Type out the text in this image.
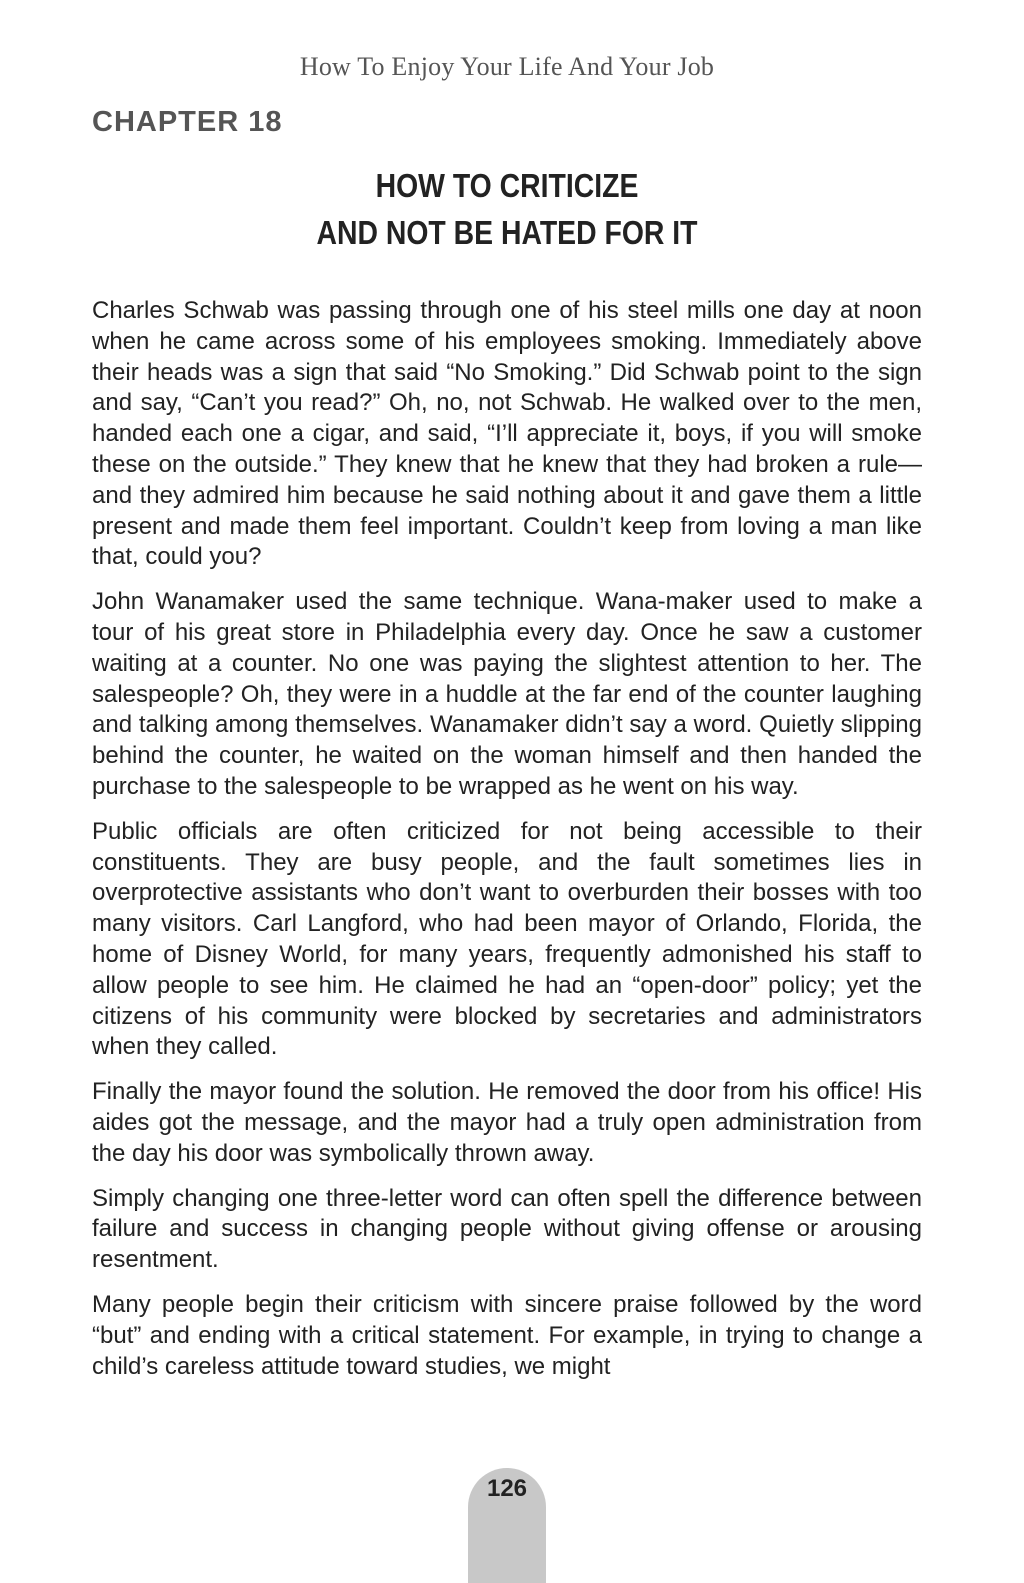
How To Enjoy Your Life And Your Job
CHAPTER 18
HOW TO CRITICIZE
AND NOT BE HATED FOR IT

Charles Schwab was passing through one of his steel mills one day at noon when he came across some of his employees smoking. Immediately above their heads was a sign that said “No Smoking.” Did Schwab point to the sign and say, “Can’t you read?” Oh, no, not Schwab. He walked over to the men, handed each one a cigar, and said, “I’ll appreciate it, boys, if you will smoke these on the outside.” They knew that he knew that they had broken a rule—and they admired him because he said nothing about it and gave them a little present and made them feel important. Couldn’t keep from loving a man like that, could you?

John Wanamaker used the same technique. Wana-maker used to make a tour of his great store in Philadelphia every day. Once he saw a customer waiting at a counter. No one was paying the slightest attention to her. The salespeople? Oh, they were in a huddle at the far end of the counter laughing and talking among themselves. Wanamaker didn’t say a word. Quietly slipping behind the counter, he waited on the woman himself and then handed the purchase to the salespeople to be wrapped as he went on his way.

Public officials are often criticized for not being accessible to their constituents. They are busy people, and the fault sometimes lies in overprotective assistants who don’t want to overburden their bosses with too many visitors. Carl Langford, who had been mayor of Orlando, Florida, the home of Disney World, for many years, frequently admonished his staff to allow people to see him. He claimed he had an “open-door” policy; yet the citizens of his community were blocked by secretaries and administrators when they called.

Finally the mayor found the solution. He removed the door from his office! His aides got the message, and the mayor had a truly open administration from the day his door was symbolically thrown away.

Simply changing one three-letter word can often spell the difference between failure and success in changing people without giving offense or arousing resentment.

Many people begin their criticism with sincere praise followed by the word “but” and ending with a critical statement. For example, in trying to change a child’s careless attitude toward studies, we might

126
